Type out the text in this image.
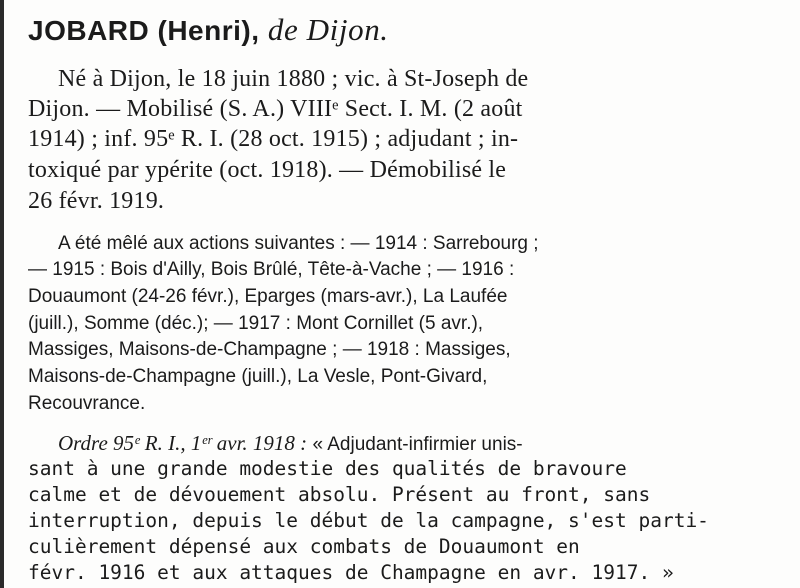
JOBARD (Henri), de Dijon.

Né à Dijon, le 18 juin 1880 ; vic. à St-Joseph de

Dijon. — Mobilisé (S. A.) VIIIᵉ Sect. I. M. (2 août

1914) ; inf. 95ᵉ R. I. (28 oct. 1915) ; adjudant ; in-

toxiqué par ypérite (oct. 1918). — Démobilisé le

26 févr. 1919.

A été mêlé aux actions suivantes : — 1914 : Sarrebourg ;

— 1915 : Bois d'Ailly, Bois Brûlé, Tête-à-Vache ; — 1916 :

Douaumont (24-26 févr.), Eparges (mars-avr.), La Laufée

(juill.), Somme (déc.); — 1917 : Mont Cornillet (5 avr.),

Massiges, Maisons-de-Champagne ; — 1918 : Massiges,

Maisons-de-Champagne (juill.), La Vesle, Pont-Givard,

Recouvrance.

Ordre 95ᵉ R. I., 1ᵉʳ avr. 1918 : « Adjudant-infirmier unis-

sant à une grande modestie des qualités de bravoure

calme et de dévouement absolu. Présent au front, sans

interruption, depuis le début de la campagne, s'est parti-

culièrement dépensé aux combats de Douaumont en

févr. 1916 et aux attaques de Champagne en avr. 1917. »
